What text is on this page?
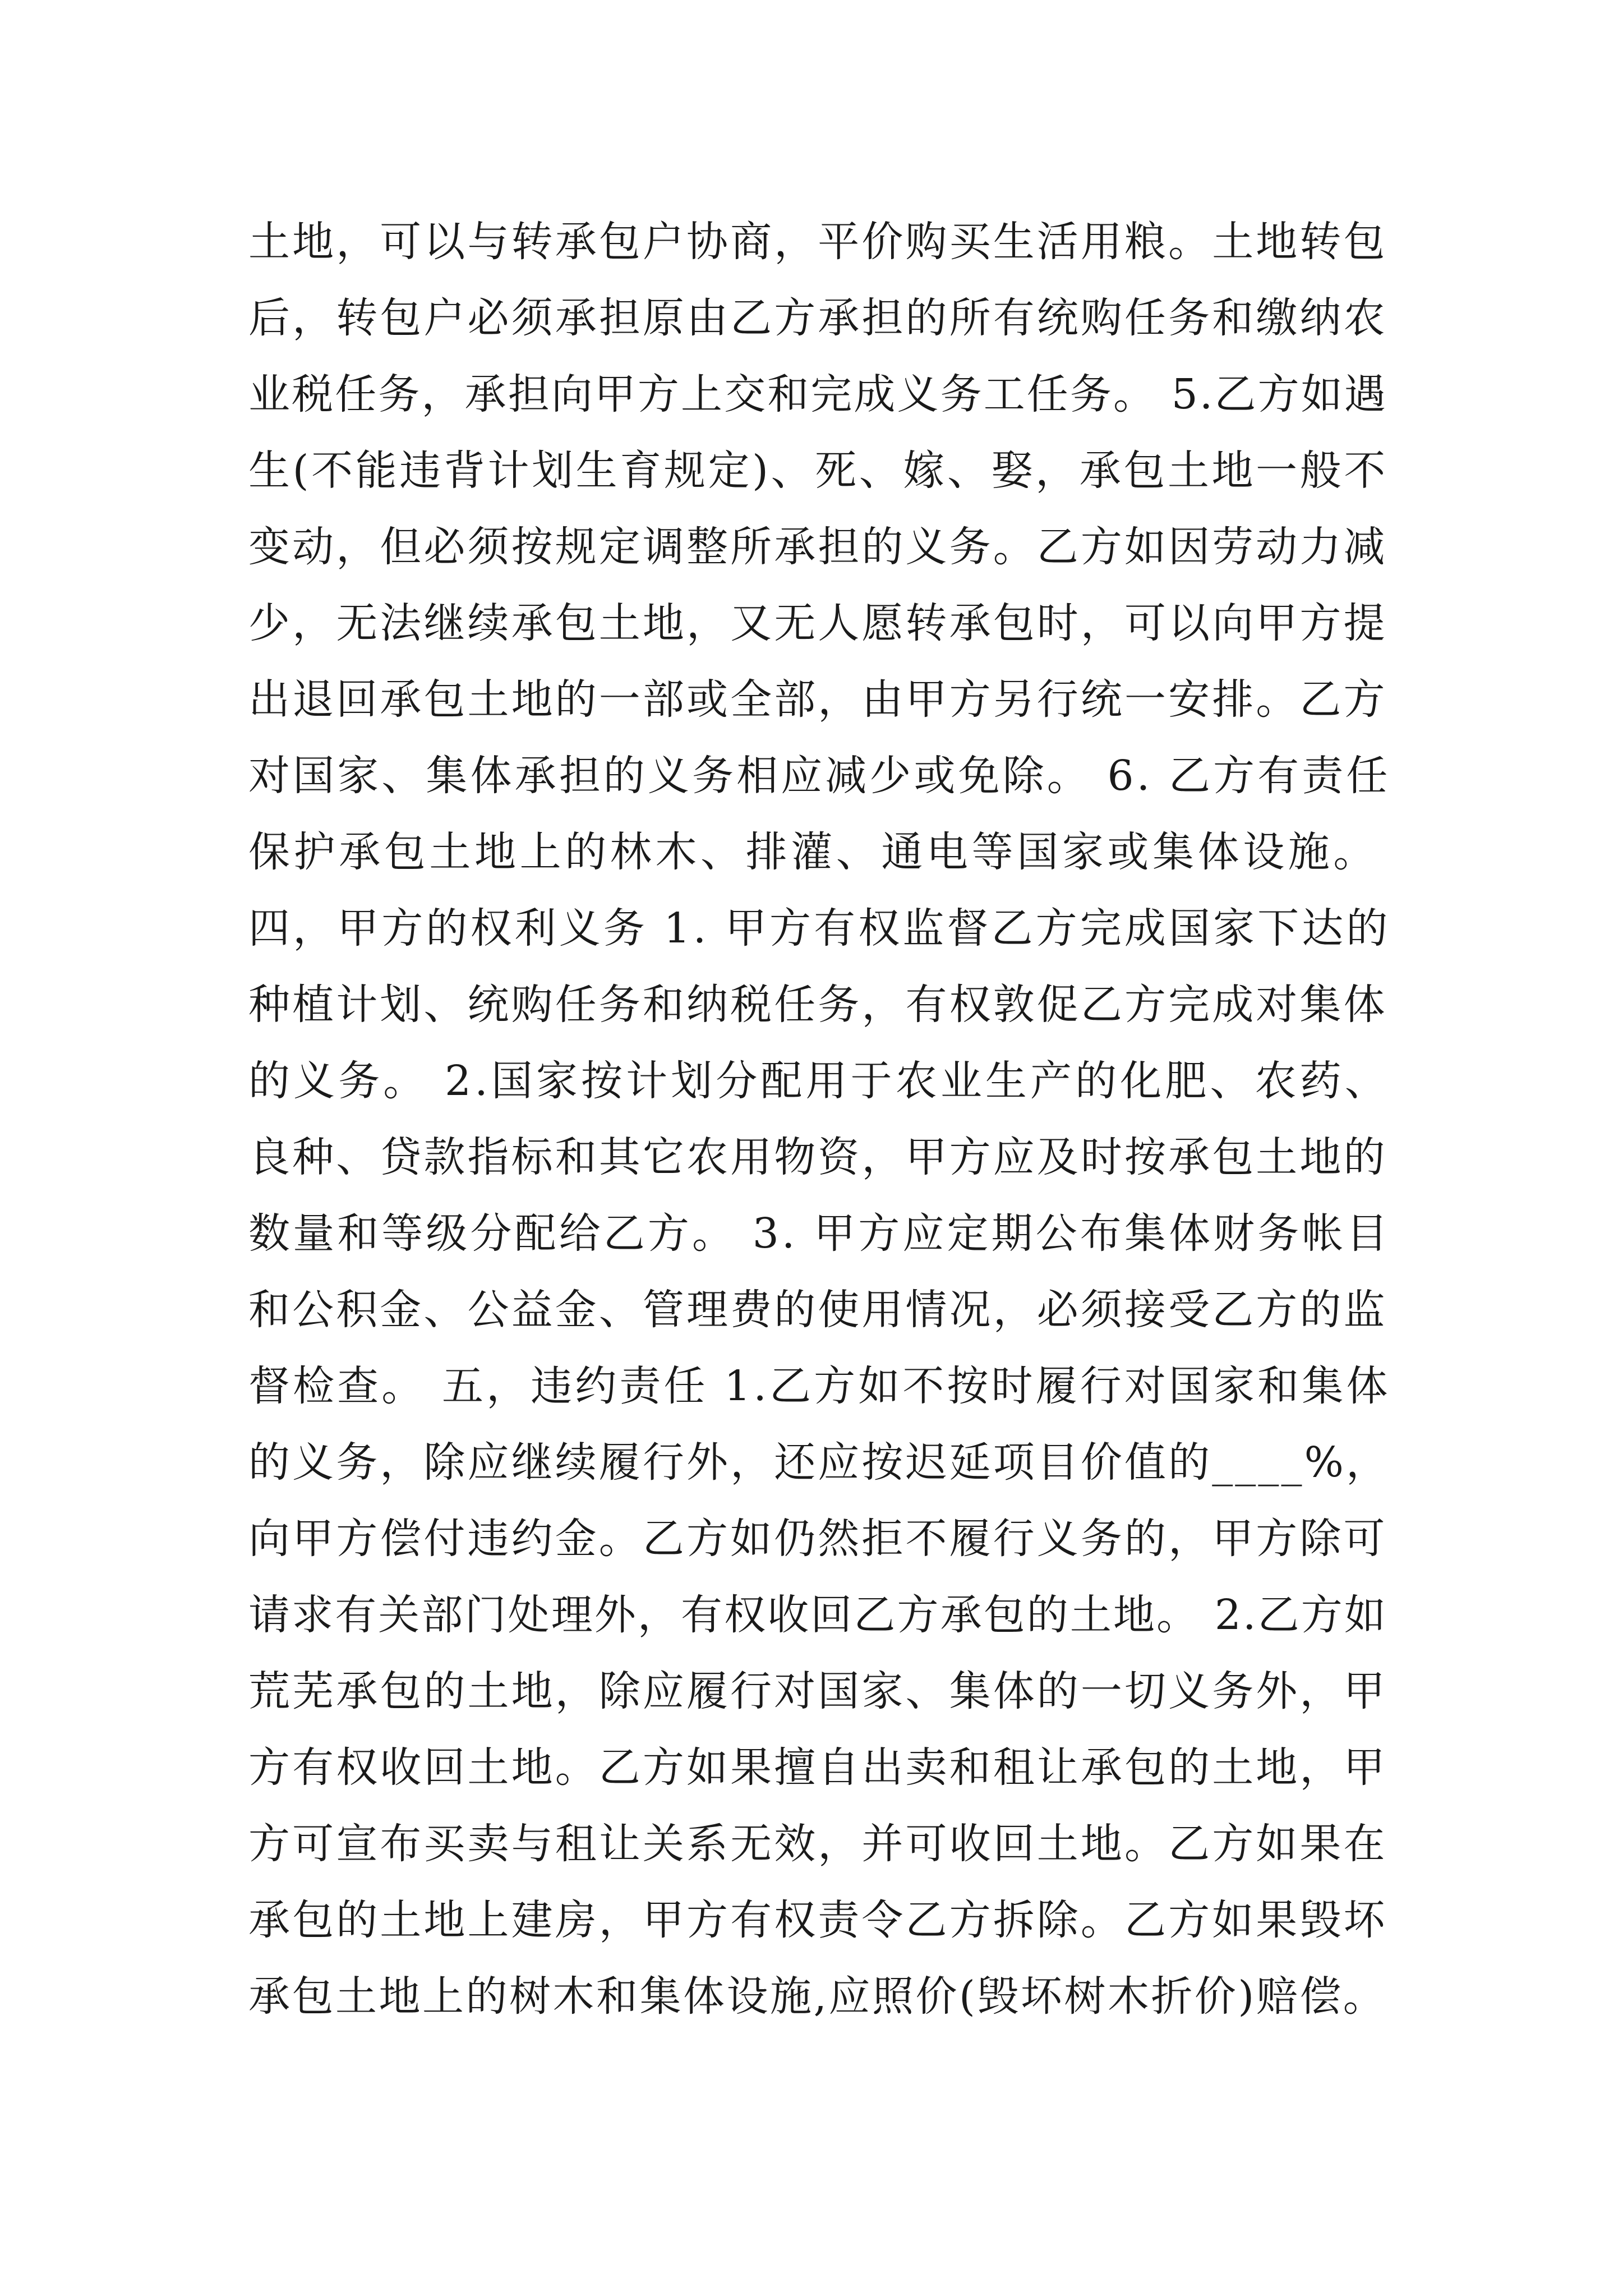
土地，可以与转承包户协商，平价购买生活用粮。土地转包
后，转包户必须承担原由乙方承担的所有统购任务和缴纳农
业税任务，承担向甲方上交和完成义务工任务。 5.乙方如遇
生(不能违背计划生育规定)、死、嫁、娶，承包土地一般不
变动，但必须按规定调整所承担的义务。乙方如因劳动力减
少，无法继续承包土地，又无人愿转承包时，可以向甲方提
出退回承包土地的一部或全部，由甲方另行统一安排。乙方
对国家、集体承担的义务相应减少或免除。 6. 乙方有责任
保护承包土地上的林木、排灌、通电等国家或集体设施。
四，甲方的权利义务 1. 甲方有权监督乙方完成国家下达的
种植计划、统购任务和纳税任务，有权敦促乙方完成对集体
的义务。 2.国家按计划分配用于农业生产的化肥、农药、
良种、贷款指标和其它农用物资，甲方应及时按承包土地的
数量和等级分配给乙方。 3. 甲方应定期公布集体财务帐目
和公积金、公益金、管理费的使用情况，必须接受乙方的监
督检查。 五，违约责任 1.乙方如不按时履行对国家和集体
的义务，除应继续履行外，还应按迟延项目价值的____%，
向甲方偿付违约金。乙方如仍然拒不履行义务的，甲方除可
请求有关部门处理外，有权收回乙方承包的土地。 2.乙方如
荒芜承包的土地，除应履行对国家、集体的一切义务外，甲
方有权收回土地。乙方如果擅自出卖和租让承包的土地，甲
方可宣布买卖与租让关系无效，并可收回土地。乙方如果在
承包的土地上建房，甲方有权责令乙方拆除。乙方如果毁坏
承包土地上的树木和集体设施,应照价(毁坏树木折价)赔偿。
